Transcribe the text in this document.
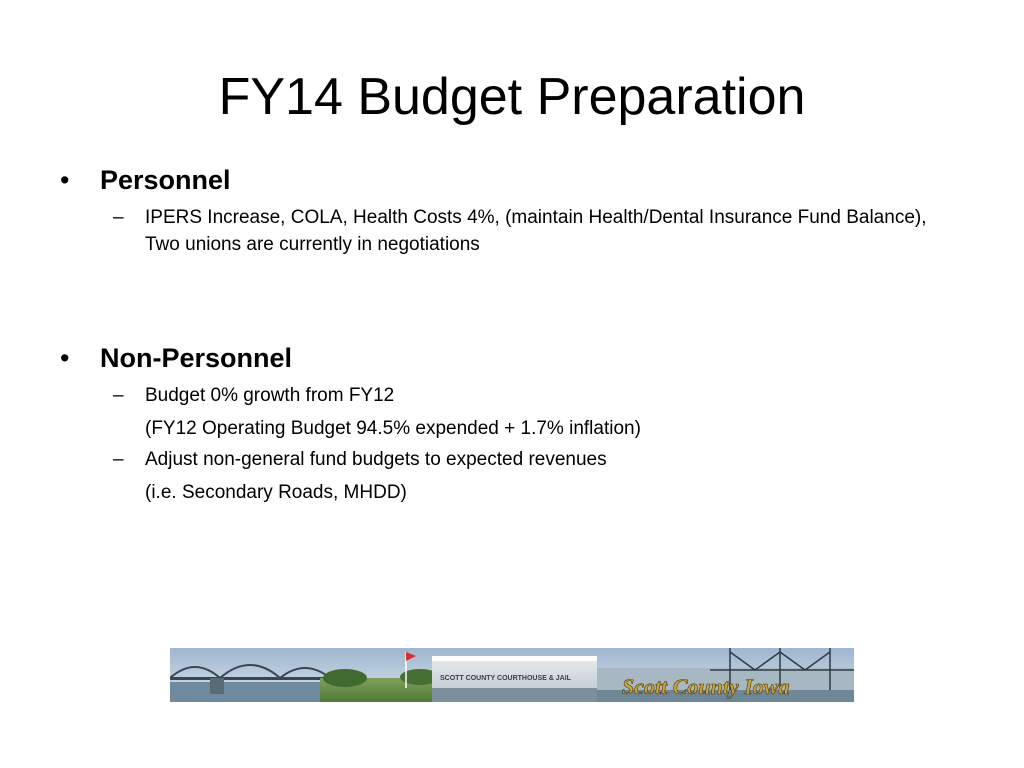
FY14 Budget Preparation
• Personnel
– IPERS Increase, COLA, Health Costs 4%, (maintain Health/Dental Insurance Fund Balance), Two unions are currently in negotiations
• Non-Personnel
– Budget 0% growth from FY12
(FY12 Operating Budget 94.5% expended + 1.7% inflation)
– Adjust non-general fund budgets to expected revenues
(i.e. Secondary Roads, MHDD)
SCOTT COUNTY COURTHOUSE & JAIL Scott County Iowa
